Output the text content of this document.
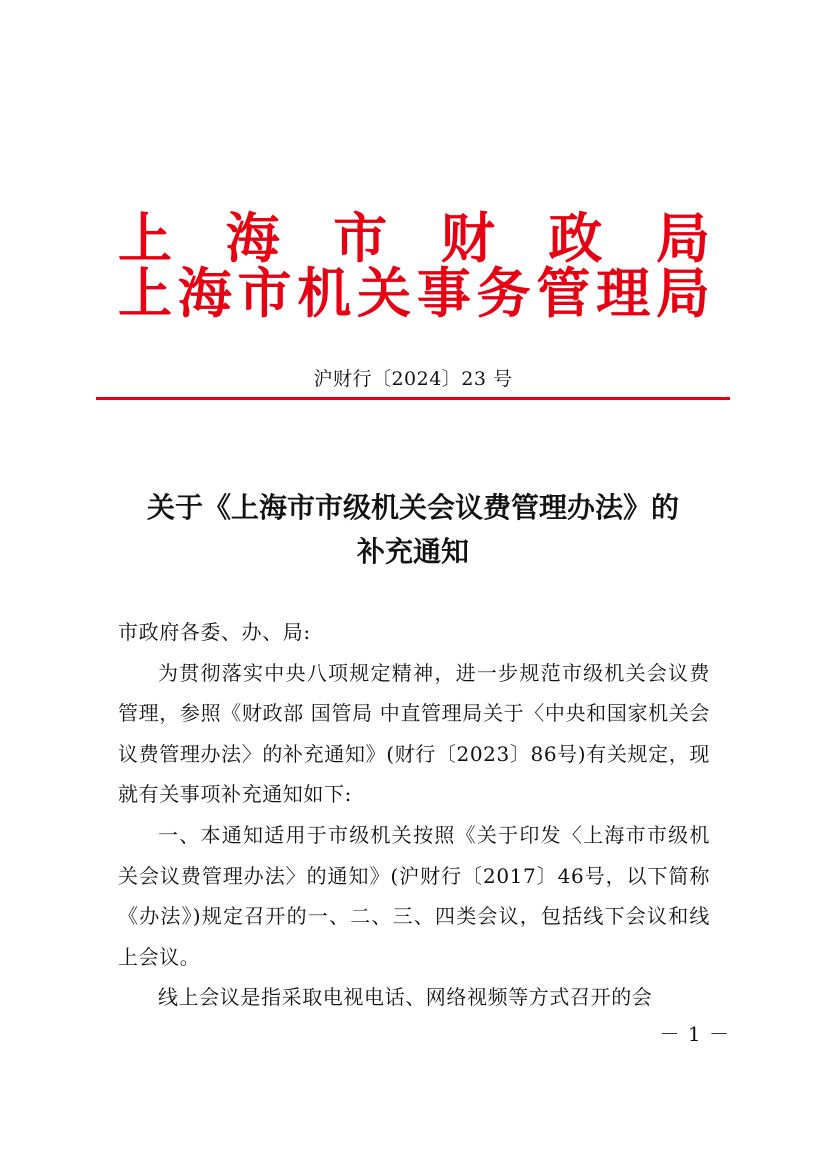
上 海 市 财 政 局
上 海 市 机 关 事 务 管 理 局
沪财行〔2024〕23 号
关于《上海市市级机关会议费管理办法》的
补充通知

市政府各委、办、局:

为贯彻落实中央八项规定精神，进一步规范市级机关会议费管理，参照《财政部 国管局 中直管理局关于〈中央和国家机关会议费管理办法〉的补充通知》(财行〔2023〕86号)有关规定，现就有关事项补充通知如下:

一、本通知适用于市级机关按照《关于印发〈上海市市级机关会议费管理办法〉的通知》(沪财行〔2017〕46号，以下简称《办法》)规定召开的一、二、三、四类会议，包括线下会议和线上会议。

线上会议是指采取电视电话、网络视频等方式召开的会

－ 1 －
